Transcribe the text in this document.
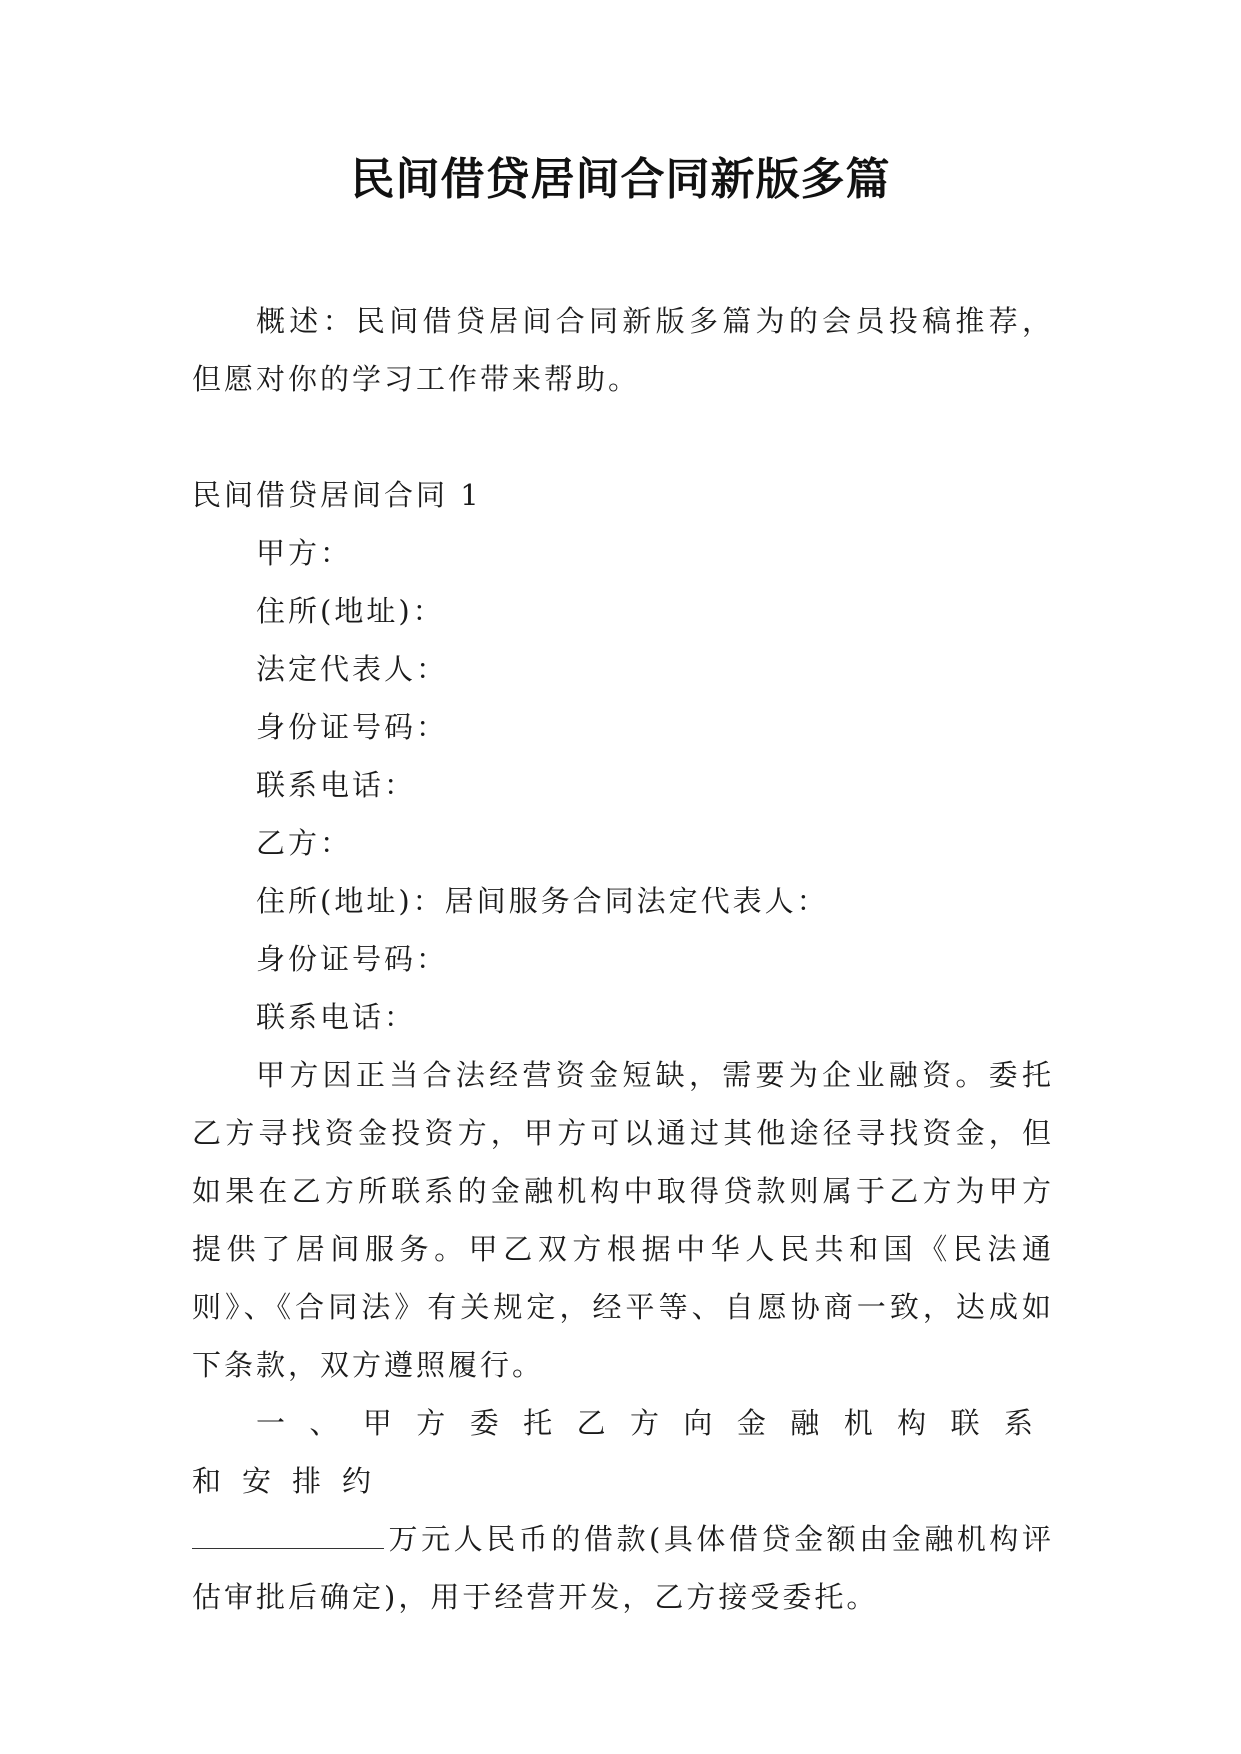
民间借贷居间合同新版多篇

概述：民间借贷居间合同新版多篇为的会员投稿推荐，但愿对你的学习工作带来帮助。

民间借贷居间合同 1

甲方：

住所(地址)：

法定代表人：

身份证号码：

联系电话：

乙方：

住所(地址)：居间服务合同法定代表人：

身份证号码：

联系电话：

甲方因正当合法经营资金短缺，需要为企业融资。委托乙方寻找资金投资方，甲方可以通过其他途径寻找资金，但如果在乙方所联系的金融机构中取得贷款则属于乙方为甲方提供了居间服务。甲乙双方根据中华人民共和国《民法通则》、《合同法》有关规定，经平等、自愿协商一致，达成如下条款，双方遵照履行。

一、甲方委托乙方向金融机构联系和安排约

万元人民币的借款(具体借贷金额由金融机构评估审批后确定)，用于经营开发，乙方接受委托。
